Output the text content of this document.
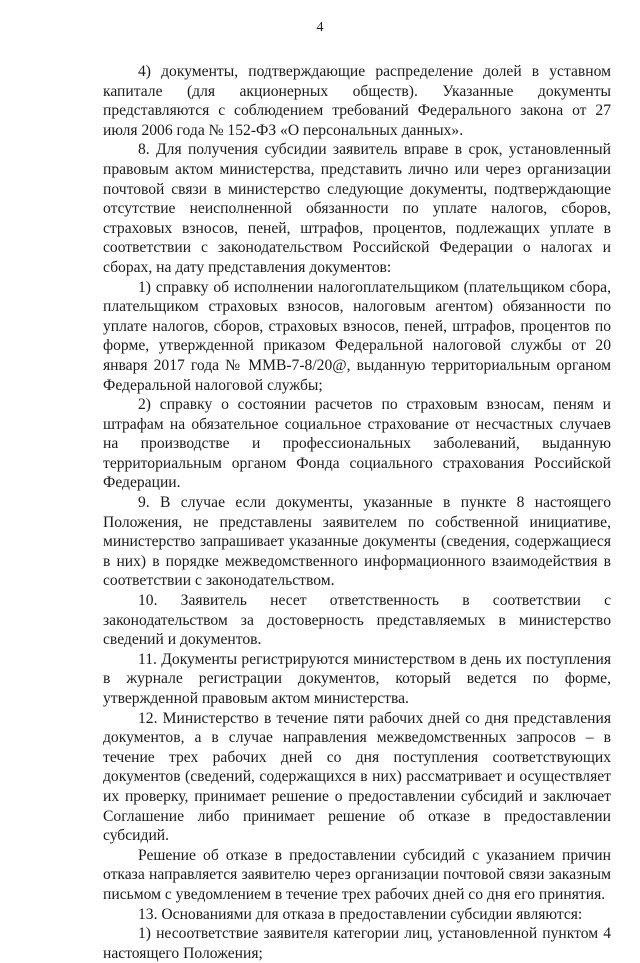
4

4) документы, подтверждающие распределение долей в уставном капитале (для акционерных обществ). Указанные документы представляются с соблюдением требований Федерального закона от 27 июля 2006 года № 152-ФЗ «О персональных данных».

8. Для получения субсидии заявитель вправе в срок, установленный правовым актом министерства, представить лично или через организации почтовой связи в министерство следующие документы, подтверждающие отсутствие неисполненной обязанности по уплате налогов, сборов, страховых взносов, пеней, штрафов, процентов, подлежащих уплате в соответствии с законодательством Российской Федерации о налогах и сборах, на дату представления документов:

1) справку об исполнении налогоплательщиком (плательщиком сбора, плательщиком страховых взносов, налоговым агентом) обязанности по уплате налогов, сборов, страховых взносов, пеней, штрафов, процентов по форме, утвержденной приказом Федеральной налоговой службы от 20 января 2017 года № ММВ-7-8/20@, выданную территориальным органом Федеральной налоговой службы;

2) справку о состоянии расчетов по страховым взносам, пеням и штрафам на обязательное социальное страхование от несчастных случаев на производстве и профессиональных заболеваний, выданную территориальным органом Фонда социального страхования Российской Федерации.

9. В случае если документы, указанные в пункте 8 настоящего Положения, не представлены заявителем по собственной инициативе, министерство запрашивает указанные документы (сведения, содержащиеся в них) в порядке межведомственного информационного взаимодействия в соответствии с законодательством.

10. Заявитель несет ответственность в соответствии с законодательством за достоверность представляемых в министерство сведений и документов.

11. Документы регистрируются министерством в день их поступления в журнале регистрации документов, который ведется по форме, утвержденной правовым актом министерства.

12. Министерство в течение пяти рабочих дней со дня представления документов, а в случае направления межведомственных запросов – в течение трех рабочих дней со дня поступления соответствующих документов (сведений, содержащихся в них) рассматривает и осуществляет их проверку, принимает решение о предоставлении субсидий и заключает Соглашение либо принимает решение об отказе в предоставлении субсидий.

Решение об отказе в предоставлении субсидий с указанием причин отказа направляется заявителю через организации почтовой связи заказным письмом с уведомлением в течение трех рабочих дней со дня его принятия.

13. Основаниями для отказа в предоставлении субсидии являются:

1) несоответствие заявителя категории лиц, установленной пунктом 4 настоящего Положения;
